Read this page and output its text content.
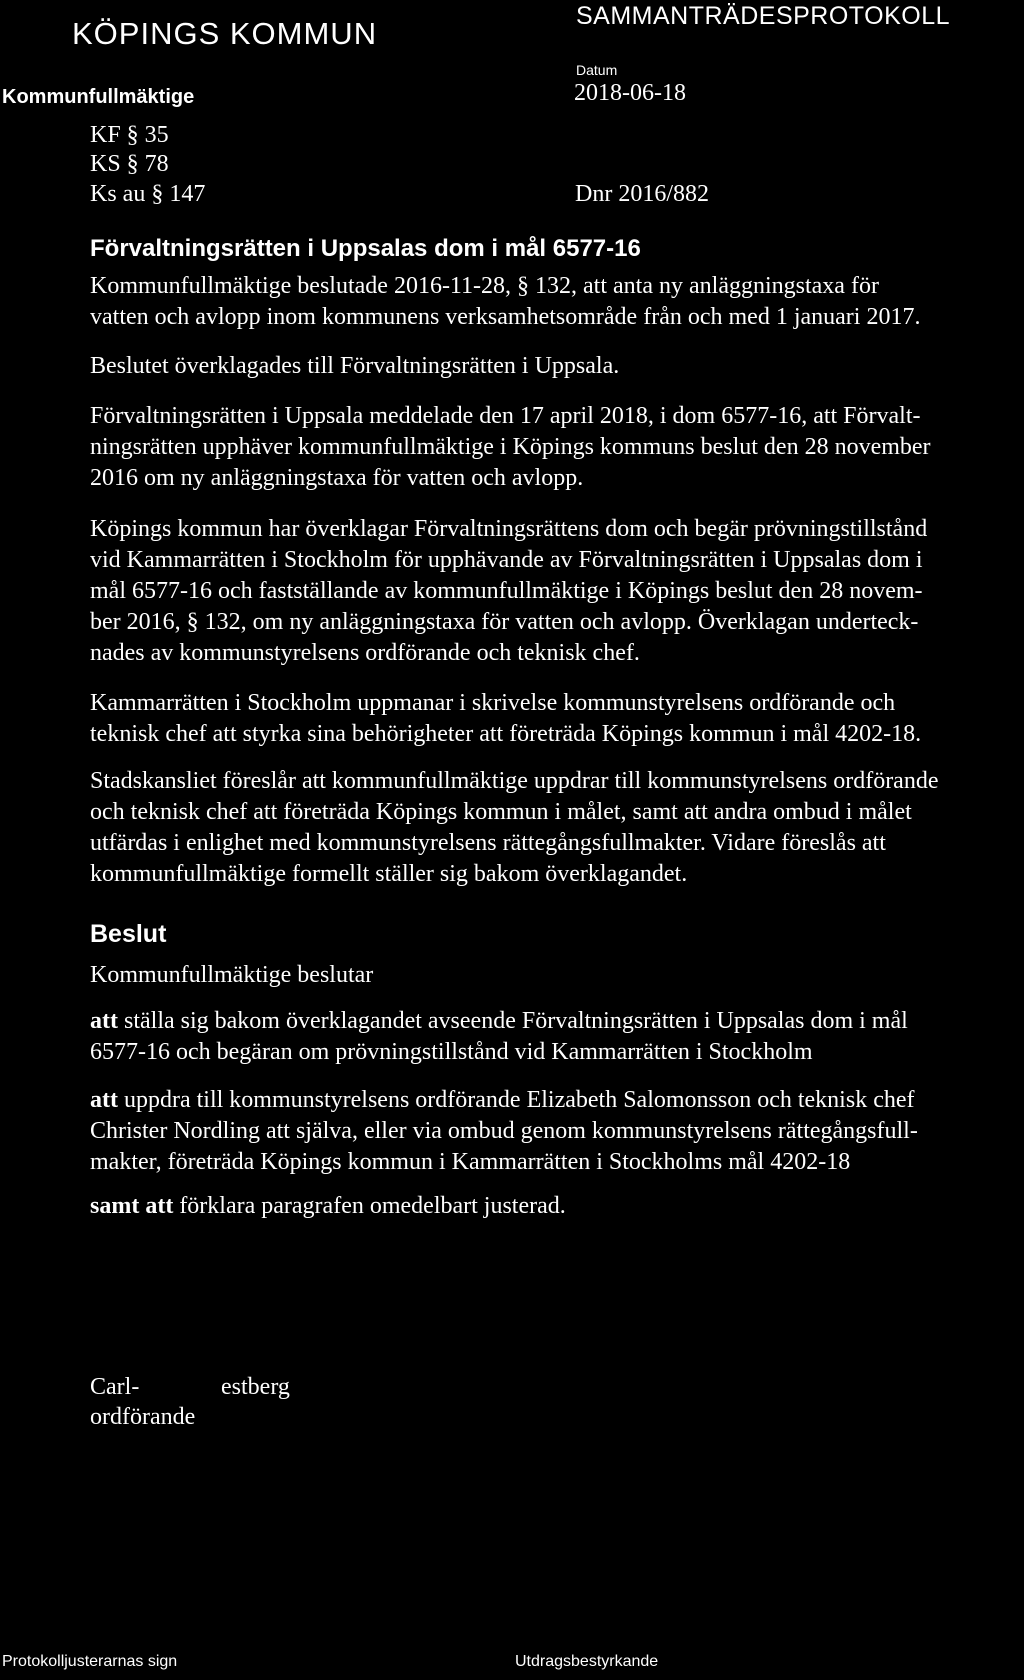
KÖPINGS KOMMUN	SAMMANTRÄDESPROTOKOLL
Kommunfullmäktige
Datum
2018-06-18
KF § 35
KS § 78
Ks au § 147	Dnr 2016/882
Förvaltningsrätten i Uppsalas dom i mål 6577-16
Kommunfullmäktige beslutade 2016-11-28, § 132, att anta ny anläggningstaxa för
vatten och avlopp inom kommunens verksamhetsområde från och med 1 januari 2017.
Beslutet överklagades till Förvaltningsrätten i Uppsala.
Förvaltningsrätten i Uppsala meddelade den 17 april 2018, i dom 6577-16, att Förvalt-
ningsrätten upphäver kommunfullmäktige i Köpings kommuns beslut den 28 november
2016 om ny anläggningstaxa för vatten och avlopp.
Köpings kommun har överklagar Förvaltningsrättens dom och begär prövningstillstånd
vid Kammarrätten i Stockholm för upphävande av Förvaltningsrätten i Uppsalas dom i
mål 6577-16 och fastställande av kommunfullmäktige i Köpings beslut den 28 novem-
ber 2016, § 132, om ny anläggningstaxa för vatten och avlopp. Överklagan underteck-
nades av kommunstyrelsens ordförande och teknisk chef.
Kammarrätten i Stockholm uppmanar i skrivelse kommunstyrelsens ordförande och
teknisk chef att styrka sina behörigheter att företräda Köpings kommun i mål 4202-18.
Stadskansliet föreslår att kommunfullmäktige uppdrar till kommunstyrelsens ordförande
och teknisk chef att företräda Köpings kommun i målet, samt att andra ombud i målet
utfärdas i enlighet med kommunstyrelsens rättegångsfullmakter. Vidare föreslås att
kommunfullmäktige formellt ställer sig bakom överklagandet.
Beslut
Kommunfullmäktige beslutar
att ställa sig bakom överklagandet avseende Förvaltningsrätten i Uppsalas dom i mål
6577-16 och begäran om prövningstillstånd vid Kammarrätten i Stockholm
att uppdra till kommunstyrelsens ordförande Elizabeth Salomonsson och teknisk chef
Christer Nordling att själva, eller via ombud genom kommunstyrelsens rättegångsfull-
makter, företräda Köpings kommun i Kammarrätten i Stockholms mål 4202-18
samt att förklara paragrafen omedelbart justerad.
Carl-	estberg
ordförande
Protokolljusterarnas sign	Utdragsbestyrkande
